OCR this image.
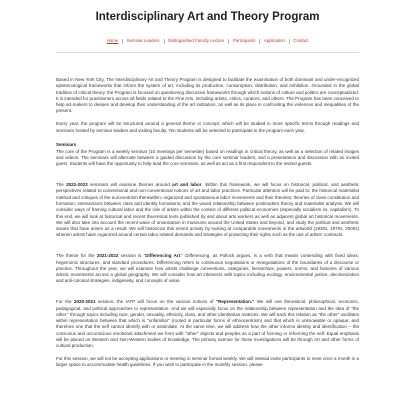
Interdisciplinary Art and Theory Program
Home	Seminar Leaders	Distinguished Faculty Lecture	Participants	Application	Contact

Based in New York City, The Interdisciplinary Art and Theory Program is designed to facilitate the examination of both dominant and under-recognized epistemological frameworks that inform the system of art, including its production, consumption, distribution, and exhibition. Grounded in the global tradition of critical theory, the Program is focused on questioning discursive frameworks through which notions of culture and politics are conceptualized. It is intended for practitioners across all fields related to the Fine Arts, including artists, critics, curators, and others. The Program has been conceived to help art-makers to deepen and develop their understanding of the art institution, as well as its place in confronting the violences and inequalities of the present.

Every year, the program will be structured around a general theme or concept, which will be studied in more specific terms through readings and seminars hosted by seminar leaders and visiting faculty. Ten students will be selected to participate in the program each year.

Seminars

The core of the Program is a weekly seminar (10 meetings per semester) based on readings in critical theory, as well as a selection of related images and videos. The seminars will alternate between a guided discussion by the core seminar leaders, and a presentation and discussion with an invited guest. Students will have the opportunity to help lead the core seminars, as well as act as a first respondent to the invited guests.

The 2022-2023 seminars will examine themes around art and labor. Within this framework, we will focus on historical, political, and aesthetic perspectives related to conventional and non-conventional notions of art and labor practices. Particular attention will be paid to: the historical materialist method and critiques of the eurocentrism therewithin; organized and spontaneous labor movements and their theories; theories of class constitution and formation; intersections between class and identity formations; and the vexed relationship between postmodern theory and materialist analysis. We will consider ways of framing cultural labor and the role of artists within the context of different political economies (especially socialism vs. capitalism). To this end, we will look at historical and recent theoretical texts published by and about arts workers as well as adjacent global art historical movements. We will also take into account the recent wave of unionization in museums around the United States and beyond, and study the political and aesthetic issues that have arisen as a result. We will historicize this recent activity by looking at comparable movements in the artworld (1930s, 1970s, 2000s) wherein artists have organized around certain labor related demands and strategies of protecting their rights such as the use of artists' contracts.

The theme for the 2021-2022 session is "Differencing Art." Differencing, as Pollock argues, is a verb that means contending with fixed ideas, hegemonic structures, and standard procedures. Differencing refers to continuous negotiations or renegotiations of the boundaries of a discourse or practice. Throughout the year, we will examine how artists challenge conventions, categories, hierarchies, powers, norms, and histories of various artistic movements across a global geography. We will consider how art intersects with topics including ecology, environmental justice, decolonization and anti-colonial strategies, indigeneity, and concepts of value.

For the 2020-2021 session, the IATP will focus on the various notions of "Representation." We will use theoretical, philosophical, economic, pedagogical, and political approaches to representation. And we will especially focus on the relationship between representation and the idea of "the other," through topics including race, gender, sexuality, ethnicity, class, and other identitarian matrices. We will track this relation as "the other" oscillates within representation between that which is "unfamiliar" (rooted in particular forms of ethnocentrism) and that which is unknowable or opaque; and therefore one that the self cannot identify with or assimilate. At the same time, we will address how the other informs identity and identification – the conscious and unconscious emotional attachment we form with "other" objects and peoples as a part of forming or reforming the self. Equal emphasis will be placed on Western and Non-Western bodies of knowledge. The primary avenue for these investigations will be through Art and other forms of cultural production.

For this session, we will not be accepting applications or meeting in seminar format weekly. We will instead invite participants to meet once a month in a larger space to accommodate health guidelines. If you wish to participate in the monthly session, please
